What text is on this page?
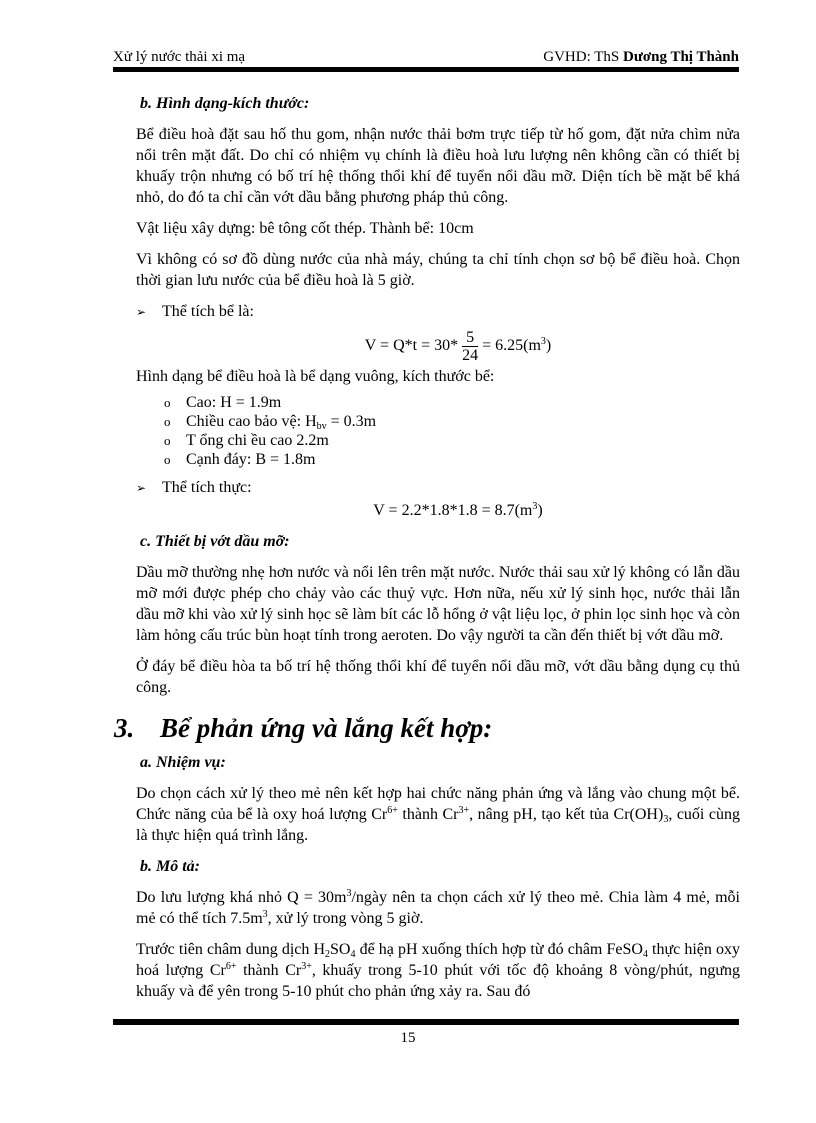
Xử lý nước thải xi mạ	GVHD: ThS Dương Thị Thành
b. Hình dạng-kích thước:

Bể điều hoà đặt sau hố thu gom, nhận nước thải bơm trực tiếp từ hố gom, đặt nửa chìm nửa nổi trên mặt đất. Do chỉ có nhiệm vụ chính là điều hoà lưu lượng nên không cần có thiết bị khuấy trộn nhưng có bố trí hệ thống thổi khí để tuyển nổi dầu mỡ. Diện tích bề mặt bể khá nhỏ, do đó ta chỉ cần vớt dầu bằng phương pháp thủ công.

Vật liệu xây dựng: bê tông cốt thép. Thành bể: 10cm

Vì không có sơ đồ dùng nước của nhà máy, chúng ta chỉ tính chọn sơ bộ bể điều hoà. Chọn thời gian lưu nước của bể điều hoà là 5 giờ.

➢ Thể tích bể là:
$V = Q*t = 30* \frac{5}{24} = 6.25(m^3)$

Hình dạng bể điều hoà là bể dạng vuông, kích thước bể:

o Cao: H = 1.9m
o Chiều cao bảo vệ: $H_{bv} = 0.3m$
o T ổng chi ều cao 2.2m
o Cạnh đáy: B = 1.8m
➢ Thể tích thực:
$V = 2.2*1.8*1.8 = 8.7(m^3)$
c. Thiết bị vớt dầu mỡ:

Dầu mỡ thường nhẹ hơn nước và nổi lên trên mặt nước. Nước thải sau xử lý không có lẫn dầu mỡ mới được phép cho chảy vào các thuỷ vực. Hơn nữa, nếu xử lý sinh học, nước thải lẫn dầu mỡ khi vào xử lý sinh học sẽ làm bít các lỗ hổng ở vật liệu lọc, ở phin lọc sinh học và còn làm hỏng cấu trúc bùn hoạt tính trong aeroten. Do vậy người ta cần đến thiết bị vớt dầu mỡ.

Ở đáy bể điều hòa ta bố trí hệ thống thổi khí để tuyển nổi dầu mỡ, vớt dầu bằng dụng cụ thủ công.

3. Bể phản ứng và lắng kết hợp:
a. Nhiệm vụ:

Do chọn cách xử lý theo mẻ nên kết hợp hai chức năng phản ứng và lắng vào chung một bể. Chức năng của bể là oxy hoá lượng $Cr^{6+}$ thành $Cr^{3+}$, nâng pH, tạo kết tủa $Cr(OH)_3$, cuối cùng là thực hiện quá trình lắng.

b. Mô tả:

Do lưu lượng khá nhỏ $Q = 30m^3$/ngày nên ta chọn cách xử lý theo mẻ. Chia làm 4 mẻ, mỗi mẻ có thể tích $7.5m^3$, xử lý trong vòng 5 giờ.

Trước tiên châm dung dịch $H_2SO_4$ để hạ pH xuống thích hợp từ đó châm FeSO$_4$ thực hiện oxy hoá lượng $Cr^{6+}$ thành $Cr^{3+}$, khuấy trong 5-10 phút với tốc độ khoảng 8 vòng/phút, ngưng khuấy và để yên trong 5-10 phút cho phản ứng xảy ra. Sau đó

15
